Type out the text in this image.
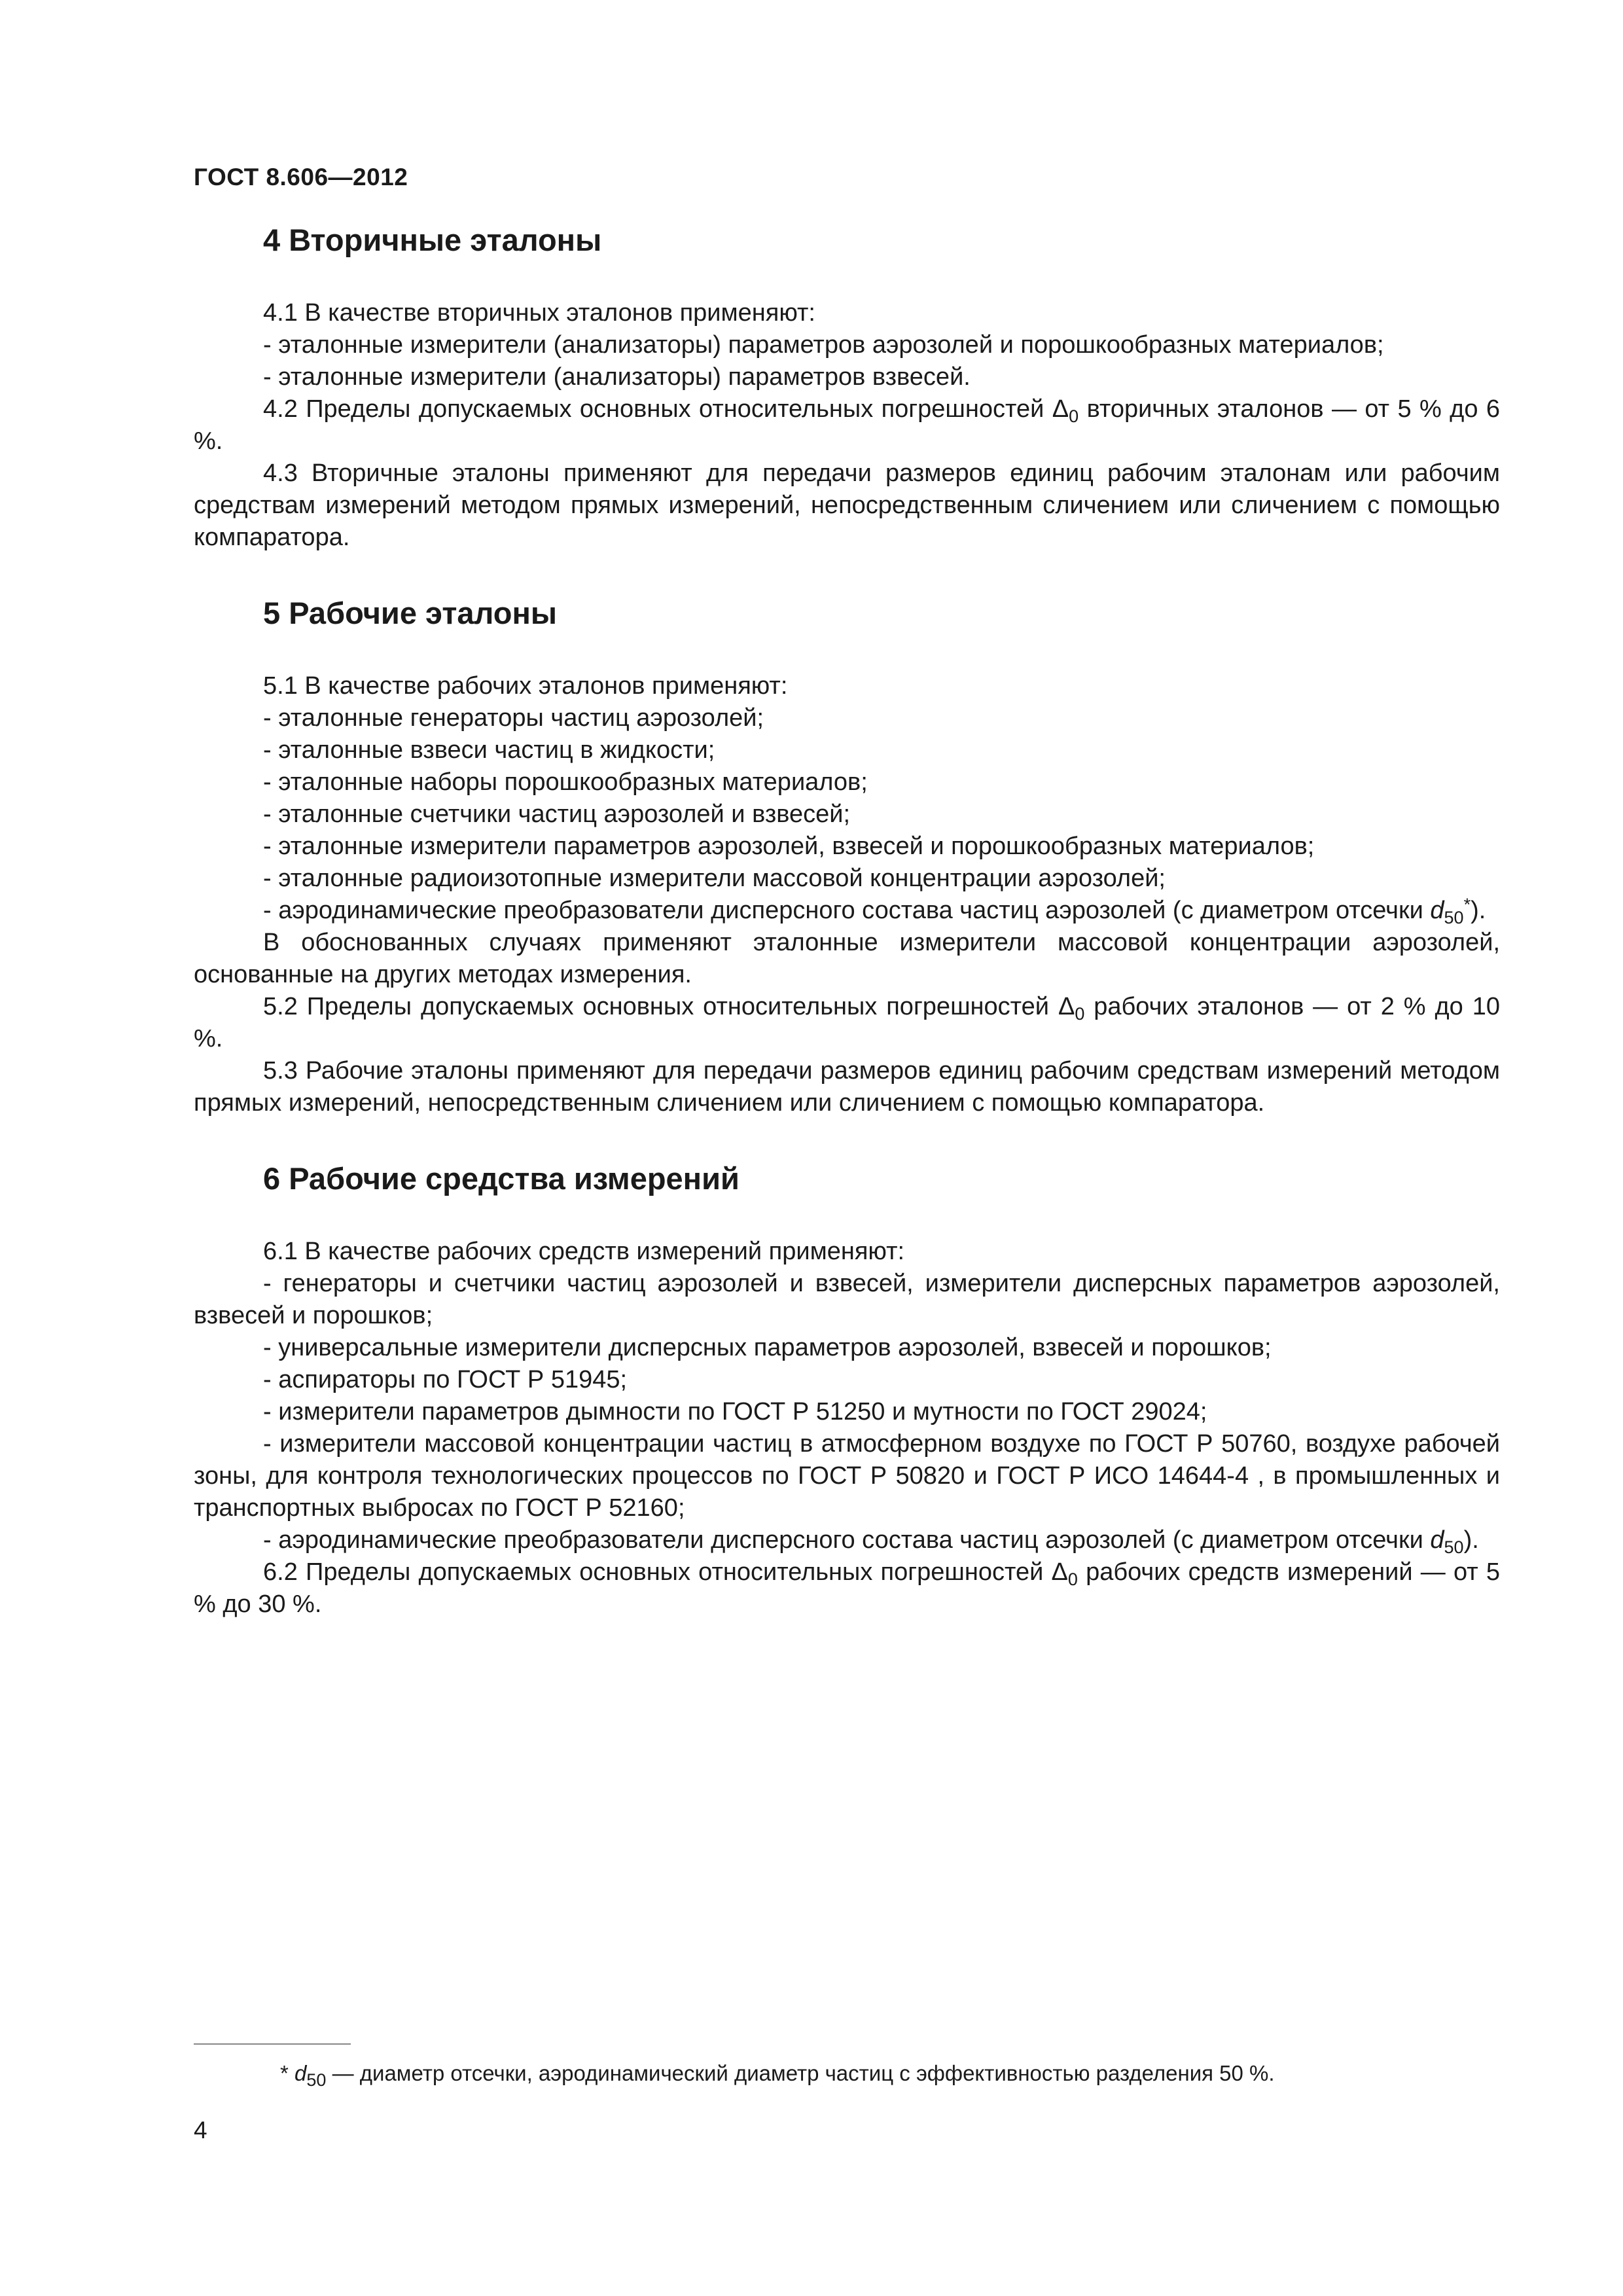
ГОСТ 8.606—2012
4 Вторичные эталоны

4.1 В качестве вторичных эталонов применяют:

- эталонные измерители (анализаторы) параметров аэрозолей и порошкообразных материалов;

- эталонные измерители (анализаторы) параметров взвесей.

4.2 Пределы допускаемых основных относительных погрешностей $\Delta_0$ вторичных эталонов — от 5 % до 6 %.

4.3 Вторичные эталоны применяют для передачи размеров единиц рабочим эталонам или рабочим средствам измерений методом прямых измерений, непосредственным сличением или сличением с помощью компаратора.

5 Рабочие эталоны

5.1 В качестве рабочих эталонов применяют:

- эталонные генераторы частиц аэрозолей;

- эталонные взвеси частиц в жидкости;

- эталонные наборы порошкообразных материалов;

- эталонные счетчики частиц аэрозолей и взвесей;

- эталонные измерители параметров аэрозолей, взвесей и порошкообразных материалов;

- эталонные радиоизотопные измерители массовой концентрации аэрозолей;

- аэродинамические преобразователи дисперсного состава частиц аэрозолей (с диаметром отсечки $d_{50}^*$).

В обоснованных случаях применяют эталонные измерители массовой концентрации аэрозолей, основанные на других методах измерения.

5.2 Пределы допускаемых основных относительных погрешностей $\Delta_0$ рабочих эталонов — от 2 % до 10 %.

5.3 Рабочие эталоны применяют для передачи размеров единиц рабочим средствам измерений методом прямых измерений, непосредственным сличением или сличением с помощью компаратора.

6 Рабочие средства измерений

6.1 В качестве рабочих средств измерений применяют:

- генераторы и счетчики частиц аэрозолей и взвесей, измерители дисперсных параметров аэрозолей, взвесей и порошков;

- универсальные измерители дисперсных параметров аэрозолей, взвесей и порошков;

- аспираторы по ГОСТ Р 51945;

- измерители параметров дымности по ГОСТ Р 51250 и мутности по ГОСТ 29024;

- измерители массовой концентрации частиц в атмосферном воздухе по ГОСТ Р 50760, воздухе рабочей зоны, для контроля технологических процессов по ГОСТ Р 50820 и ГОСТ Р ИСО 14644-4 , в промышленных и транспортных выбросах по ГОСТ Р 52160;

- аэродинамические преобразователи дисперсного состава частиц аэрозолей (с диаметром отсечки $d_{50}$).

6.2 Пределы допускаемых основных относительных погрешностей $\Delta_0$ рабочих средств измерений — от 5 % до 30 %.

* $d_{50}$ — диаметр отсечки, аэродинамический диаметр частиц с эффективностью разделения 50 %.
4
